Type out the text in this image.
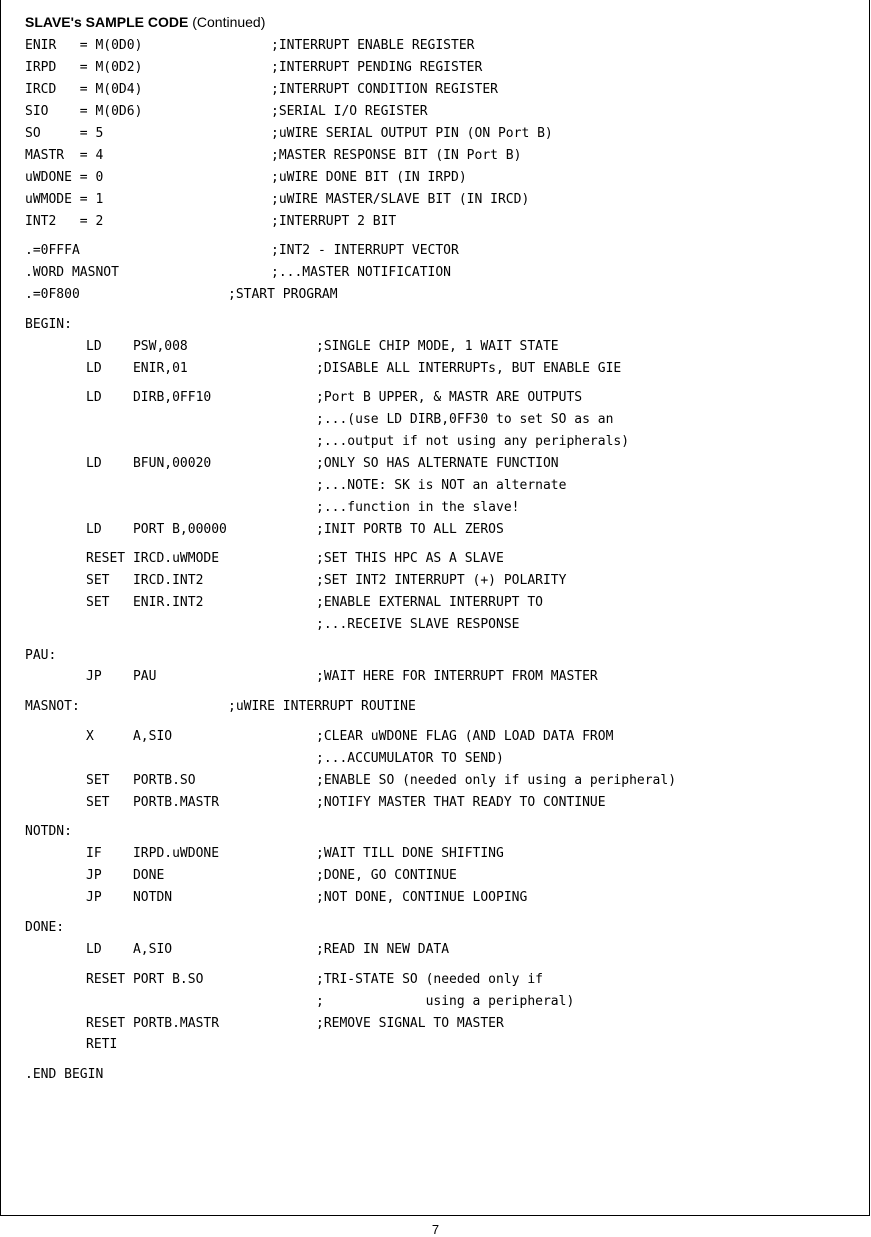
SLAVE's SAMPLE CODE (Continued)
ENIR   = M(0D0)	;INTERRUPT ENABLE REGISTER
IRPD   = M(0D2)	;INTERRUPT PENDING REGISTER
IRCD   = M(0D4)	;INTERRUPT CONDITION REGISTER
SIO    = M(0D6)	;SERIAL I/O REGISTER
SO     = 5	;uWIRE SERIAL OUTPUT PIN (ON Port B)
MASTR  = 4	;MASTER RESPONSE BIT (IN Port B)
uWDONE = 0	;uWIRE DONE BIT (IN IRPD)
uWMODE = 1	;uWIRE MASTER/SLAVE BIT (IN IRCD)
INT2   = 2	;INTERRUPT 2 BIT
.=0FFFA	;INT2 - INTERRUPT VECTOR
.WORD MASNOT	;...MASTER NOTIFICATION
.=0F800	;START PROGRAM
BEGIN:
LD    PSW,008	;SINGLE CHIP MODE, 1 WAIT STATE
LD    ENIR,01	;DISABLE ALL INTERRUPTs, BUT ENABLE GIE
LD    DIRB,0FF10	;Port B UPPER, & MASTR ARE OUTPUTS
;...(use LD DIRB,0FF30 to set SO as an
;...output if not using any peripherals)
LD    BFUN,00020	;ONLY SO HAS ALTERNATE FUNCTION
;...NOTE: SK is NOT an alternate
;...function in the slave!
LD    PORT B,00000	;INIT PORTB TO ALL ZEROS
RESET IRCD.uWMODE	;SET THIS HPC AS A SLAVE
SET   IRCD.INT2	;SET INT2 INTERRUPT (+) POLARITY
SET   ENIR.INT2	;ENABLE EXTERNAL INTERRUPT TO
;...RECEIVE SLAVE RESPONSE
PAU:
JP    PAU	;WAIT HERE FOR INTERRUPT FROM MASTER
MASNOT:	;uWIRE INTERRUPT ROUTINE
X     A,SIO	;CLEAR uWDONE FLAG (AND LOAD DATA FROM
;...ACCUMULATOR TO SEND)
SET   PORTB.SO	;ENABLE SO (needed only if using a peripheral)
SET   PORTB.MASTR	;NOTIFY MASTER THAT READY TO CONTINUE
NOTDN:
IF    IRPD.uWDONE	;WAIT TILL DONE SHIFTING
JP    DONE	;DONE, GO CONTINUE
JP    NOTDN	;NOT DONE, CONTINUE LOOPING
DONE:
LD    A,SIO	;READ IN NEW DATA
RESET PORT B.SO	;TRI-STATE SO (needed only if
;             using a peripheral)
RESET PORTB.MASTR	;REMOVE SIGNAL TO MASTER
RETI
.END BEGIN
7
